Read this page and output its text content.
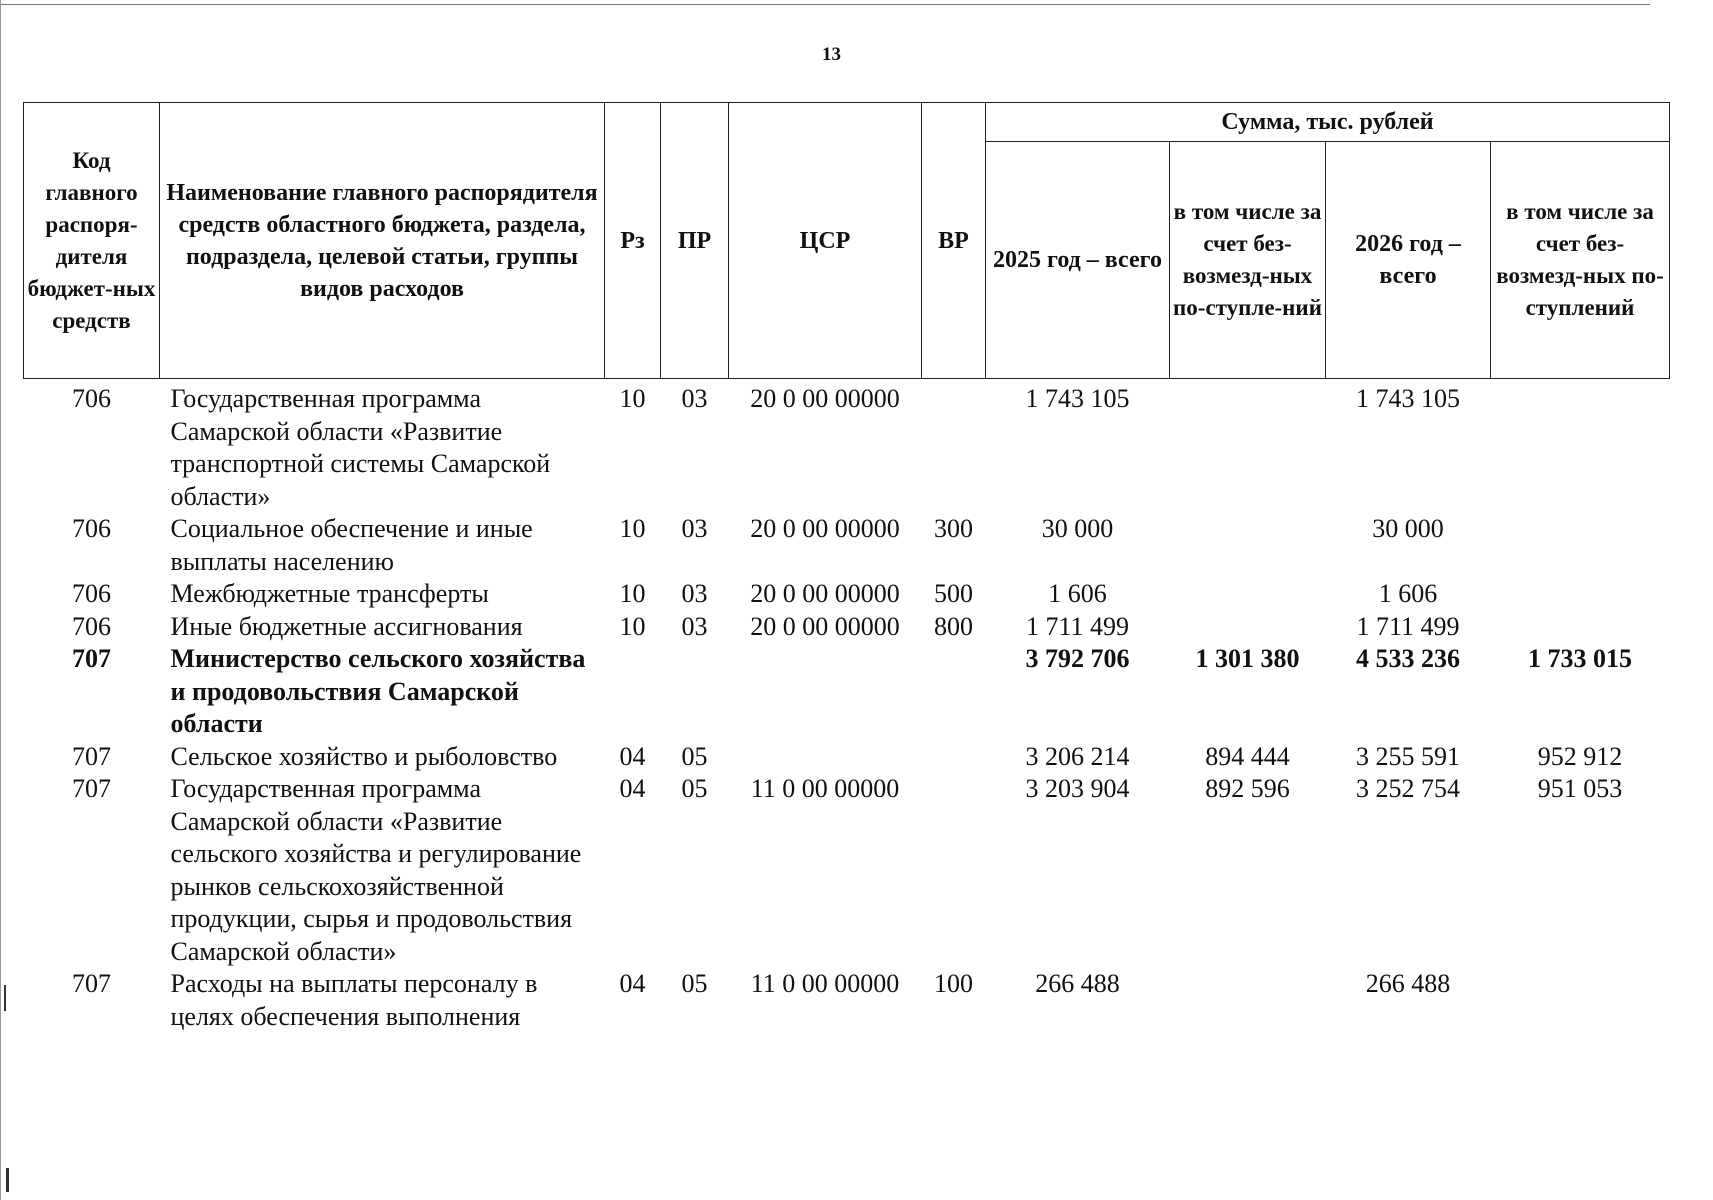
13
Код главного распоря-дителя бюджет-ных средств	Наименование главного распорядителя средств областного бюджета, раздела, подраздела, целевой статьи, группы видов расходов	Рз	ПР	ЦСР	ВР	Сумма, тыс. рублей			
						2025 год – всего	в том числе за счет без-возмезд-ных по-ступле-ний	2026 год – всего	в том числе за счет без-возмезд-ных по-ступлений
706	Государственная программа Самарской области «Развитие транспортной системы Самарской области»	10	03	20 0 00 00000		1 743 105		1 743 105	
706	Социальное обеспечение и иные выплаты населению	10	03	20 0 00 00000	300	30 000		30 000	
706	Межбюджетные трансферты	10	03	20 0 00 00000	500	1 606		1 606	
706	Иные бюджетные ассигнования	10	03	20 0 00 00000	800	1 711 499		1 711 499	
707	Министерство сельского хозяйства и продовольствия Самарской области					3 792 706	1 301 380	4 533 236	1 733 015
707	Сельское хозяйство и рыболовство	04	05			3 206 214	894 444	3 255 591	952 912
707	Государственная программа Самарской области «Развитие сельского хозяйства и регулирование рынков сельскохозяйственной продукции, сырья и продовольствия Самарской области»	04	05	11 0 00 00000		3 203 904	892 596	3 252 754	951 053
707	Расходы на выплаты персоналу в целях обеспечения выполнения	04	05	11 0 00 00000	100	266 488		266 488	
